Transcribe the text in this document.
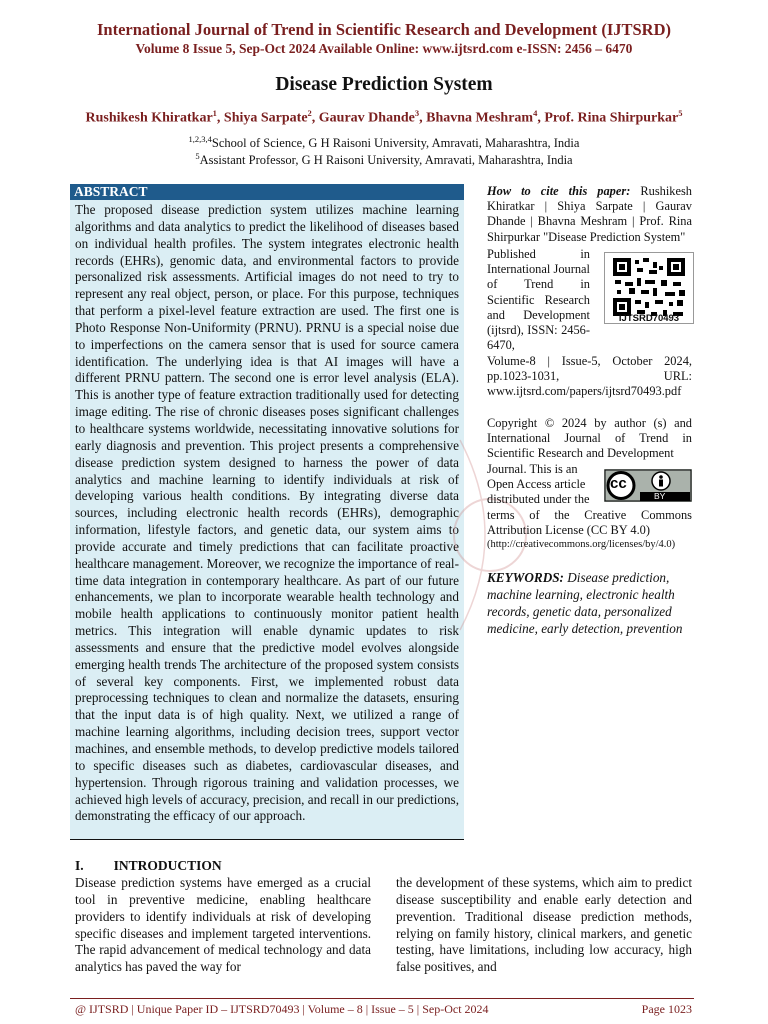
International Journal of Trend in Scientific Research and Development (IJTSRD)
Volume 8 Issue 5, Sep-Oct 2024 Available Online: www.ijtsrd.com e-ISSN: 2456 – 6470
Disease Prediction System
Rushikesh Khiratkar$^1$, Shiya Sarpate$^2$, Gaurav Dhande$^3$, Bhavna Meshram$^4$, Prof. Rina Shirpurkar$^5$
$^{1,2,3,4}$School of Science, G H Raisoni University, Amravati, Maharashtra, India
$^5$Assistant Professor, G H Raisoni University, Amravati, Maharashtra, India
ABSTRACT
The proposed disease prediction system utilizes machine learning algorithms and data analytics to predict the likelihood of diseases based on individual health profiles. The system integrates electronic health records (EHRs), genomic data, and environmental factors to provide personalized risk assessments. Artificial images do not need to try to represent any real object, person, or place. For this purpose, techniques that perform a pixel-level feature extraction are used. The first one is Photo Response Non-Uniformity (PRNU). PRNU is a special noise due to imperfections on the camera sensor that is used for source camera identification. The underlying idea is that AI images will have a different PRNU pattern. The second one is error level analysis (ELA). This is another type of feature extraction traditionally used for detecting image editing. The rise of chronic diseases poses significant challenges to healthcare systems worldwide, necessitating innovative solutions for early diagnosis and prevention. This project presents a comprehensive disease prediction system designed to harness the power of data analytics and machine learning to identify individuals at risk of developing various health conditions. By integrating diverse data sources, including electronic health records (EHRs), demographic information, lifestyle factors, and genetic data, our system aims to provide accurate and timely predictions that can facilitate proactive healthcare management. Moreover, we recognize the importance of real-time data integration in contemporary healthcare. As part of our future enhancements, we plan to incorporate wearable health technology and mobile health applications to continuously monitor patient health metrics. This integration will enable dynamic updates to risk assessments and ensure that the predictive model evolves alongside emerging health trends The architecture of the proposed system consists of several key components. First, we implemented robust data preprocessing techniques to clean and normalize the datasets, ensuring that the input data is of high quality. Next, we utilized a range of machine learning algorithms, including decision trees, support vector machines, and ensemble methods, to develop predictive models tailored to specific diseases such as diabetes, cardiovascular diseases, and hypertension. Through rigorous training and validation processes, we achieved high levels of accuracy, precision, and recall in our predictions, demonstrating the efficacy of our approach.
How to cite this paper: Rushikesh Khiratkar | Shiya Sarpate | Gaurav Dhande | Bhavna Meshram | Prof. Rina Shirpurkar "Disease Prediction System"
Published in International Journal of Trend in Scientific Research and Development (ijtsrd), ISSN: 2456-6470,
Volume-8 | Issue-5, October 2024, pp.1023-1031, URL: www.ijtsrd.com/papers/ijtsrd70493.pdf
IJTSRD70493
Copyright © 2024 by author (s) and International Journal of Trend in Scientific Research and Development
Journal. This is an Open Access article distributed under the
terms of the Creative Commons Attribution License (CC BY 4.0)
(http://creativecommons.org/licenses/by/4.0)
cc
BY
KEYWORDS: Disease prediction, machine learning, electronic health records, genetic data, personalized medicine, early detection, prevention
I. INTRODUCTION
Disease prediction systems have emerged as a crucial tool in preventive medicine, enabling healthcare providers to identify individuals at risk of developing specific diseases and implement targeted interventions. The rapid advancement of medical technology and data analytics has paved the way for
the development of these systems, which aim to predict disease susceptibility and enable early detection and prevention. Traditional disease prediction methods, relying on family history, clinical markers, and genetic testing, have limitations, including low accuracy, high false positives, and
@ IJTSRD | Unique Paper ID – IJTSRD70493 | Volume – 8 | Issue – 5 | Sep-Oct 2024	Page 1023
